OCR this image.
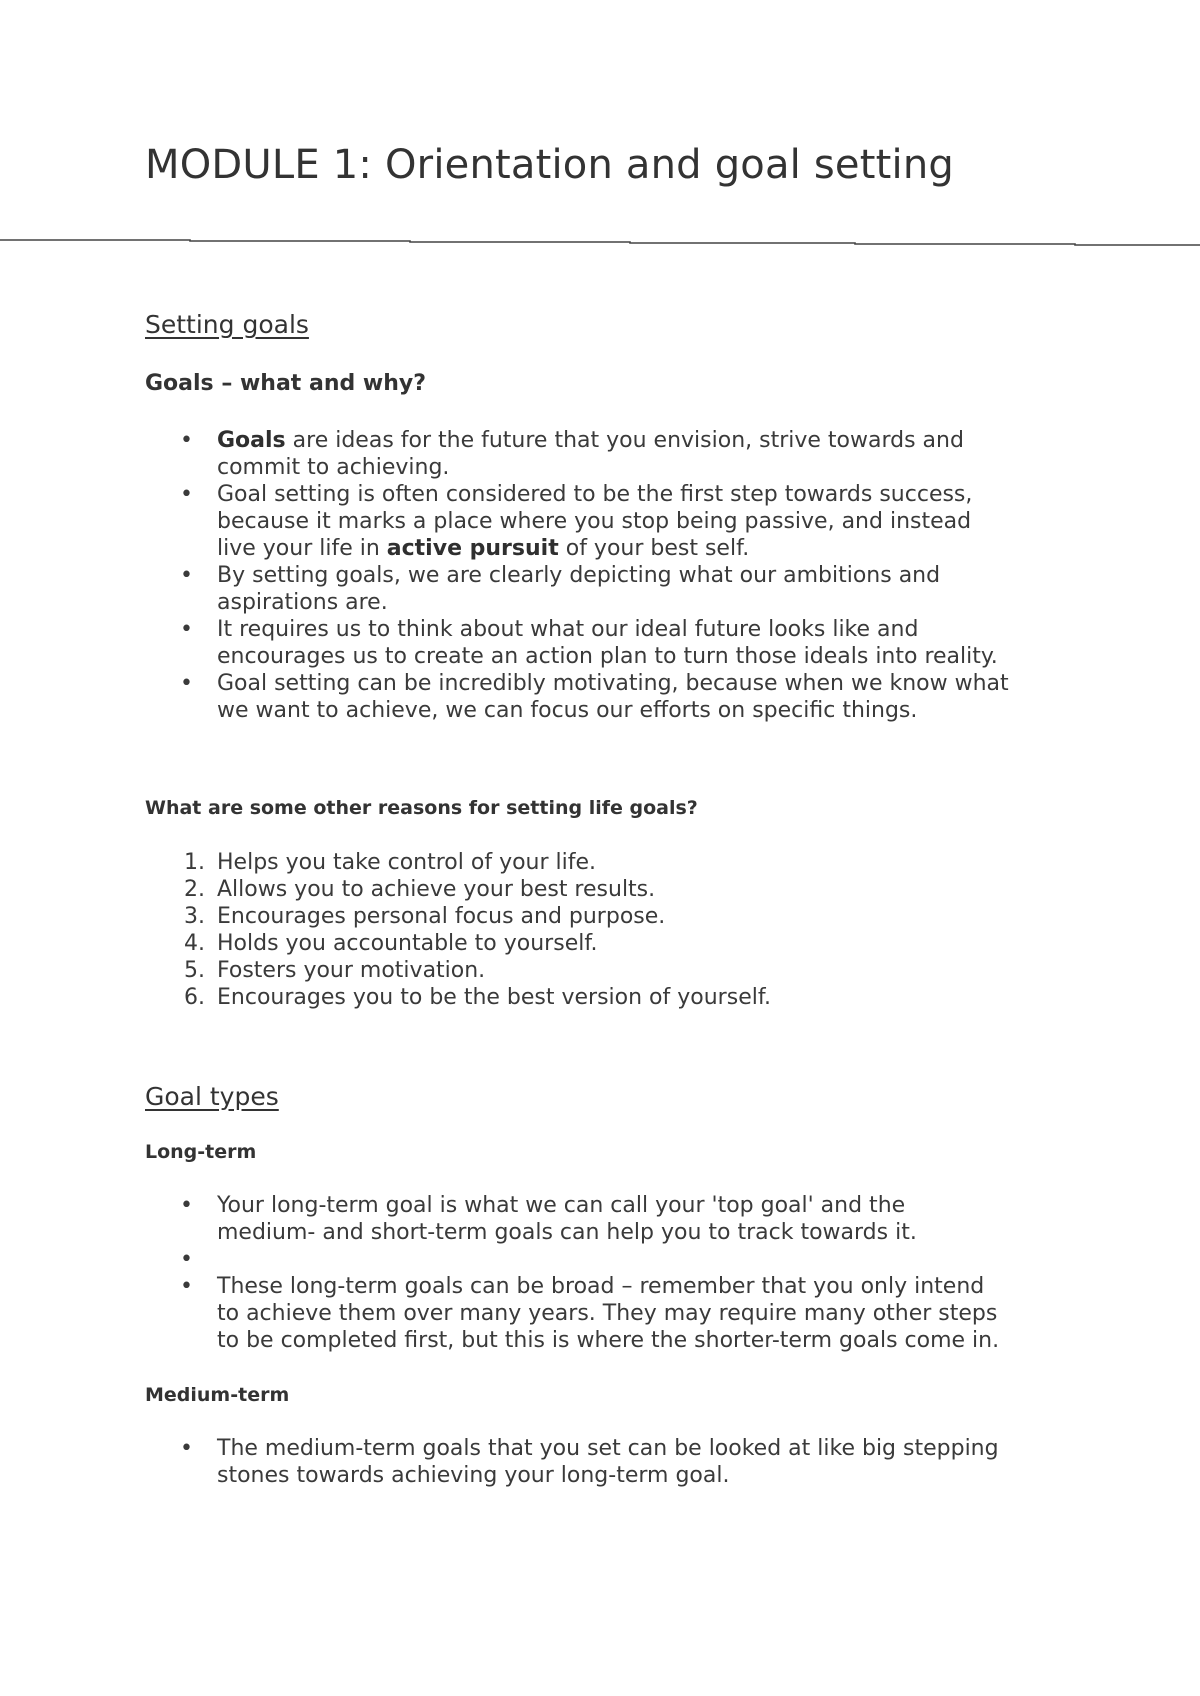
MODULE 1: Orientation and goal setting
Setting goals
Goals – what and why?
•	Goals are ideas for the future that you envision, strive towards and
commit to achieving.
•	Goal setting is often considered to be the first step towards success,
because it marks a place where you stop being passive, and instead
live your life in active pursuit of your best self.
•	By setting goals, we are clearly depicting what our ambitions and
aspirations are.
•	It requires us to think about what our ideal future looks like and
encourages us to create an action plan to turn those ideals into reality.
•	Goal setting can be incredibly motivating, because when we know what
we want to achieve, we can focus our efforts on specific things.
What are some other reasons for setting life goals?
1. Helps you take control of your life.
2. Allows you to achieve your best results.
3. Encourages personal focus and purpose.
4. Holds you accountable to yourself.
5. Fosters your motivation.
6. Encourages you to be the best version of yourself.
Goal types
Long-term
•	Your long-term goal is what we can call your 'top goal' and the
medium- and short-term goals can help you to track towards it.
•

•	These long-term goals can be broad – remember that you only intend
to achieve them over many years. They may require many other steps
to be completed first, but this is where the shorter-term goals come in.
Medium-term
•	The medium-term goals that you set can be looked at like big stepping
stones towards achieving your long-term goal.
